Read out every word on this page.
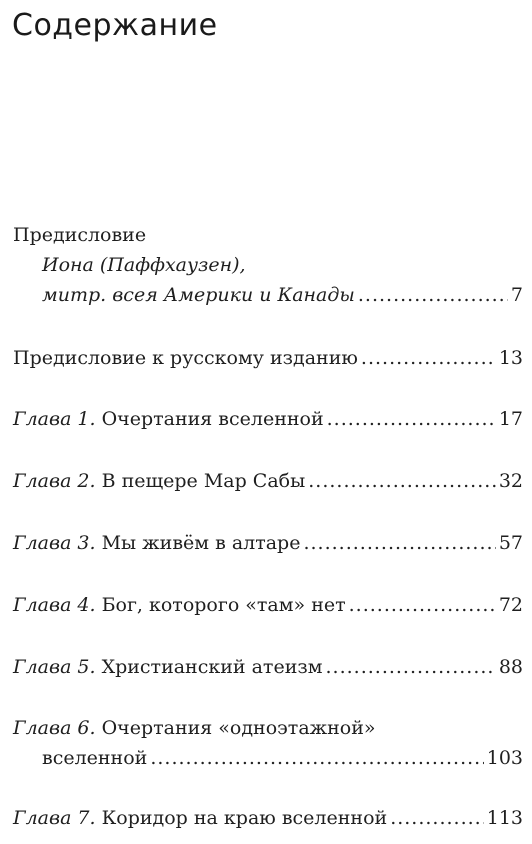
Содержание
Предисловие
Иона (Паффхаузен),
митр. всея Америки и Канады .....	7
Предисловие к русскому изданию .....	13
Глава 1. Очертания вселенной .....	17
Глава 2. В пещере Мар Сабы .....	32
Глава 3. Мы живём в алтаре .....	57
Глава 4. Бог, которого «там» нет .....	72
Глава 5. Христианский атеизм .....	88
Глава 6. Очертания «одноэтажной»
вселенной .....	103
Глава 7. Коридор на краю вселенной .....	113
